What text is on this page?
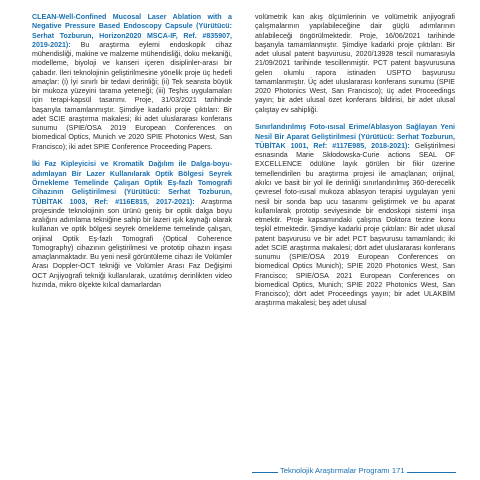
CLEAN-Well-Confined Mucosal Laser Ablation with a Negative Pressure Based Endoscopy Capsule (Yürütücü: Serhat Tozburun, Horizon2020 MSCA-IF, Ref. #835907, 2019-2021): Bu araştırma eylemi endoskopik cihaz mühendisliği, makine ve malzeme mühendisliği, doku mekaniği, modelleme, biyoloji ve kanseri içeren disiplinler-arası bir çabadır. İleri teknolojinin geliştirilmesine yönelik proje üç hedefi amaçlar: (i) İyi sınırlı bir tedavi derinliği; (ii) Tek seansta büyük bir mukoza yüzeyini tarama yeteneği; (iii) Teşhis uygulamaları için terapi-kapsül tasarımı. Proje, 31/03/2021 tarihinde başarıyla tamamlanmıştır. Şimdiye kadarki proje çıktıları: Bir adet SCIE araştırma makalesi; iki adet uluslararası konferans sunumu (SPIE/OSA 2019 European Conferences on biomedical Optics, Munich ve 2020 SPIE Photonics West, San Francisco); iki adet SPIE Conference Proceeding Papers.

İki Faz Kipleyicisi ve Kromatik Dağılım ile Dalga-boyu-adımlayan Bir Lazer Kullanılarak Optik Bölgesi Seyrek Örnekleme Temelinde Çalışan Optik Eş-fazlı Tomografi Cihazının Geliştirilmesi (Yürütücü: Serhat Tozburun, TÜBİTAK 1003, Ref: #116E815, 2017-2021): Araştırma projesinde teknolojinin son ürünü geniş bir optik dalga boyu aralığını adımlama tekniğine sahip bir lazeri ışık kaynağı olarak kullanan ve optik bölgesi seyrek örnekleme temelinde çalışan, orijinal Optik Eş-fazlı Tomografi (Optical Coherence Tomography) cihazının geliştirilmesi ve prototip cihazın inşası amaçlanmaktadır. Bu yeni nesil görüntüleme cihazı ile Volümler Arası Doppler-OCT tekniği ve Volümler Arası Faz Değişimi OCT Anjiyografi tekniği kullanılarak, uzatılmış derinlikten video hızında, mikro ölçekte kılcal damarlardan

volümetrik kan akış ölçümlerinin ve volümetrik anjiyografi çalışmalarının yapılabileceğine dair güçlü adımlarının atılabileceği öngörülmektedir. Proje, 16/06/2021 tarihinde başarıyla tamamlanmıştır. Şimdiye kadarki proje çıktıları: Bir adet ulusal patent başvurusu, 2020/13928 tescil numarasıyla 21/09/2021 tarihinde tescillenmiştir. PCT patent başvurusuna gelen olumlu rapora istinaden USPTO başvurusu tamamlanmıştır. Üç adet uluslararası konferans sunumu (SPIE 2020 Photonics West, San Francisco); üç adet Proceedings yayın; bir adet ulusal özet konferans bildirisi, bir adet ulusal çalıştay ev sahipliği.

Sınırlandırılmış Foto-ısısal Erime/Ablasyon Sağlayan Yeni Nesil Bir Aparat Geliştirilmesi (Yürütücü: Serhat Tozburun, TÜBİTAK 1001, Ref: #117E985, 2018-2021): Geliştirilmesi esnasında Marie Skłodowska-Curie actions SEAL OF EXCELLENCE ödülüne layık görülen bir fikir üzerine temellendirilen bu araştırma projesi ile amaçlanan; orijinal, akılcı ve basit bir yol ile derinliği sınırlandırılmış 360-derecelik çevresel foto-ısısal mukoza ablasyon terapisi uygulayan yeni nesil bir sonda bap ucu tasarımı geliştirmek ve bu aparat kullanılarak prototip seviyesinde bir endoskopi sistemi inşa etmektir. Proje kapsamındaki çalışma Doktora tezine konu teşkil etmektedir. Şimdiye kadarki proje çıktıları: Bir adet ulusal patent başvurusu ve bir adet PCT başvurusu tamamlandı; iki adet SCIE araştırma makalesi; dört adet uluslararası konferans sunumu (SPIE/OSA 2019 European Conferences on biomedical Optics Munich); SPIE 2020 Photonics West, San Francisco; SPIE/OSA 2021 European Conferences on biomedical Optics, Munich; SPIE 2022 Photonics West, San Francisco); dört adet Proceedings yayın; bir adet ULAKBİM araştırma makalesi; beş adet ulusal

Teknolojik Araştırmalar Programı 171
